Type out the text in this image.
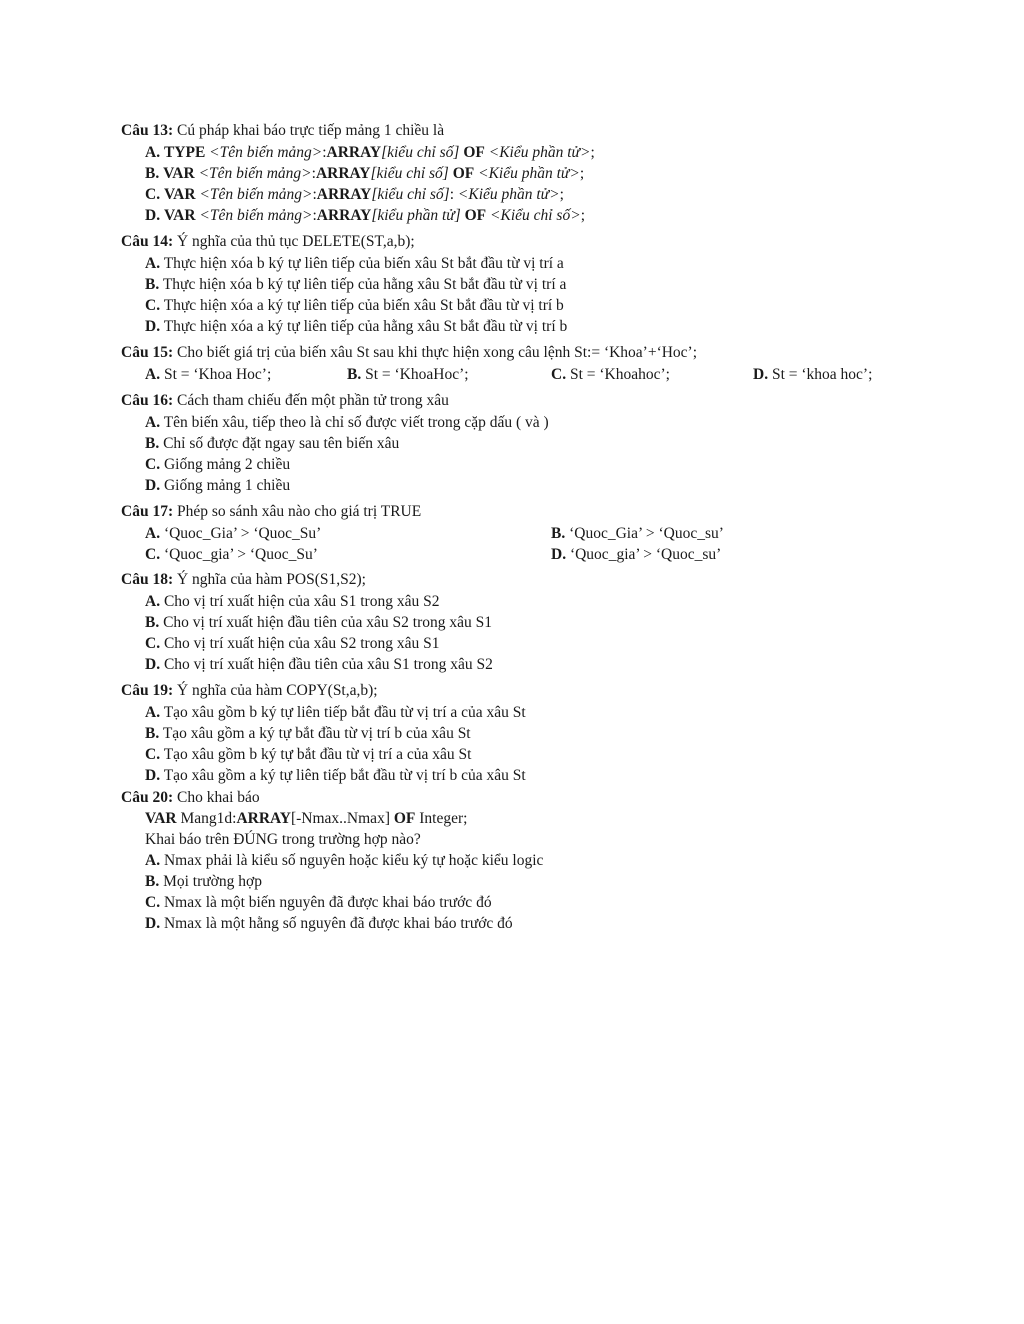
Câu 13: Cú pháp khai báo trực tiếp mảng 1 chiều là
A. TYPE <Tên biến mảng>:ARRAY[kiểu chỉ số] OF <Kiểu phần tử>;
B. VAR <Tên biến mảng>:ARRAY[kiểu chỉ số] OF <Kiểu phần tử>;
C. VAR <Tên biến mảng>:ARRAY[kiểu chỉ số]: <Kiểu phần tử>;
D. VAR <Tên biến mảng>:ARRAY[kiểu phần tử] OF <Kiểu chỉ số>;
Câu 14: Ý nghĩa của thủ tục DELETE(ST,a,b);
A. Thực hiện xóa b ký tự liên tiếp của biến xâu St bắt đầu từ vị trí a
B. Thực hiện xóa b ký tự liên tiếp của hằng xâu St bắt đầu từ vị trí a
C. Thực hiện xóa a ký tự liên tiếp của biến xâu St bắt đầu từ vị trí b
D. Thực hiện xóa a ký tự liên tiếp của hằng xâu St bắt đầu từ vị trí b
Câu 15: Cho biết giá trị của biến xâu St sau khi thực hiện xong câu lệnh St:= ‘Khoa’+‘Hoc’;
A. St = ‘Khoa Hoc’;	B. St = ‘KhoaHoc’;	C. St = ‘Khoahoc’;	D. St = ‘khoa hoc’;
Câu 16: Cách tham chiếu đến một phần tử trong xâu
A. Tên biến xâu, tiếp theo là chỉ số được viết trong cặp dấu ( và )
B. Chỉ số được đặt ngay sau tên biến xâu
C. Giống mảng 2 chiều
D. Giống mảng 1 chiều
Câu 17: Phép so sánh xâu nào cho giá trị TRUE
A. ‘Quoc_Gia’ > ‘Quoc_Su’	B. ‘Quoc_Gia’ > ‘Quoc_su’
C. ‘Quoc_gia’ > ‘Quoc_Su’	D. ‘Quoc_gia’ > ‘Quoc_su’
Câu 18: Ý nghĩa của hàm POS(S1,S2);
A. Cho vị trí xuất hiện của xâu S1 trong xâu S2
B. Cho vị trí xuất hiện đầu tiên của xâu S2 trong xâu S1
C. Cho vị trí xuất hiện của xâu S2 trong xâu S1
D. Cho vị trí xuất hiện đầu tiên của xâu S1 trong xâu S2
Câu 19: Ý nghĩa của hàm COPY(St,a,b);
A. Tạo xâu gồm b ký tự liên tiếp bắt đầu từ vị trí a của xâu St
B. Tạo xâu gồm a ký tự bắt đầu từ vị trí b của xâu St
C. Tạo xâu gồm b ký tự bắt đầu từ vị trí a của xâu St
D. Tạo xâu gồm a ký tự liên tiếp bắt đầu từ vị trí b của xâu St
Câu 20: Cho khai báo
VAR Mang1d:ARRAY[-Nmax..Nmax] OF Integer;
Khai báo trên ĐÚNG trong trường hợp nào?
A. Nmax phải là kiểu số nguyên hoặc kiểu ký tự hoặc kiểu logic
B. Mọi trường hợp
C. Nmax là một biến nguyên đã được khai báo trước đó
D. Nmax là một hằng số nguyên đã được khai báo trước đó
